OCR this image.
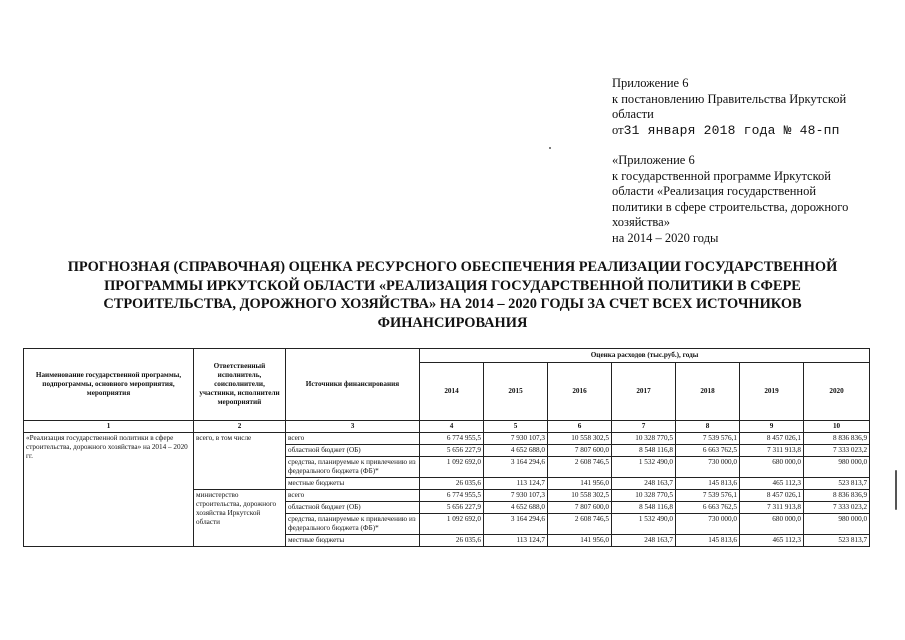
Приложение 6

к постановлению Правительства Иркутской

области

от31 января 2018 года № 48-пп

«Приложение 6

к государственной программе Иркутской

области «Реализация государственной

политики в сфере строительства, дорожного

хозяйства»

на 2014 – 2020 годы

ПРОГНОЗНАЯ (СПРАВОЧНАЯ) ОЦЕНКА РЕСУРСНОГО ОБЕСПЕЧЕНИЯ РЕАЛИЗАЦИИ ГОСУДАРСТВЕННОЙ
ПРОГРАММЫ ИРКУТСКОЙ ОБЛАСТИ «РЕАЛИЗАЦИЯ ГОСУДАРСТВЕННОЙ ПОЛИТИКИ В СФЕРЕ
СТРОИТЕЛЬСТВА, ДОРОЖНОГО ХОЗЯЙСТВА» НА 2014 – 2020 ГОДЫ ЗА СЧЕТ ВСЕХ ИСТОЧНИКОВ
ФИНАНСИРОВАНИЯ
Наименование государственной программы, подпрограммы, основного мероприятия, мероприятия	Ответственный исполнитель, соисполнители, участники, исполнители мероприятий	Источники финансирования	Оценка расходов (тыс.руб.), годы						
			2014	2015	2016	2017	2018	2019	2020
1	2	3	4	5	6	7	8	9	10
«Реализация государственной политики в сфере строительства, дорожного хозяйства» на 2014 – 2020 гг.	всего, в том числе	всего	6 774 955,5	7 930 107,3	10 558 302,5	10 328 770,5	7 539 576,1	8 457 026,1	8 836 836,9
		областной бюджет (ОБ)	5 656 227,9	4 652 688,0	7 807 600,0	8 548 116,8	6 663 762,5	7 311 913,8	7 333 023,2
		средства, планируемые к привлечению из федерального бюджета (ФБ)*	1 092 692,0	3 164 294,6	2 608 746,5	1 532 490,0	730 000,0	680 000,0	980 000,0
		местные бюджеты	26 035,6	113 124,7	141 956,0	248 163,7	145 813,6	465 112,3	523 813,7
	министерство строительства, дорожного хозяйства Иркутской области	всего	6 774 955,5	7 930 107,3	10 558 302,5	10 328 770,5	7 539 576,1	8 457 026,1	8 836 836,9
		областной бюджет (ОБ)	5 656 227,9	4 652 688,0	7 807 600,0	8 548 116,8	6 663 762,5	7 311 913,8	7 333 023,2
		средства, планируемые к привлечению из федерального бюджета (ФБ)*	1 092 692,0	3 164 294,6	2 608 746,5	1 532 490,0	730 000,0	680 000,0	980 000,0
		местные бюджеты	26 035,6	113 124,7	141 956,0	248 163,7	145 813,6	465 112,3	523 813,7
